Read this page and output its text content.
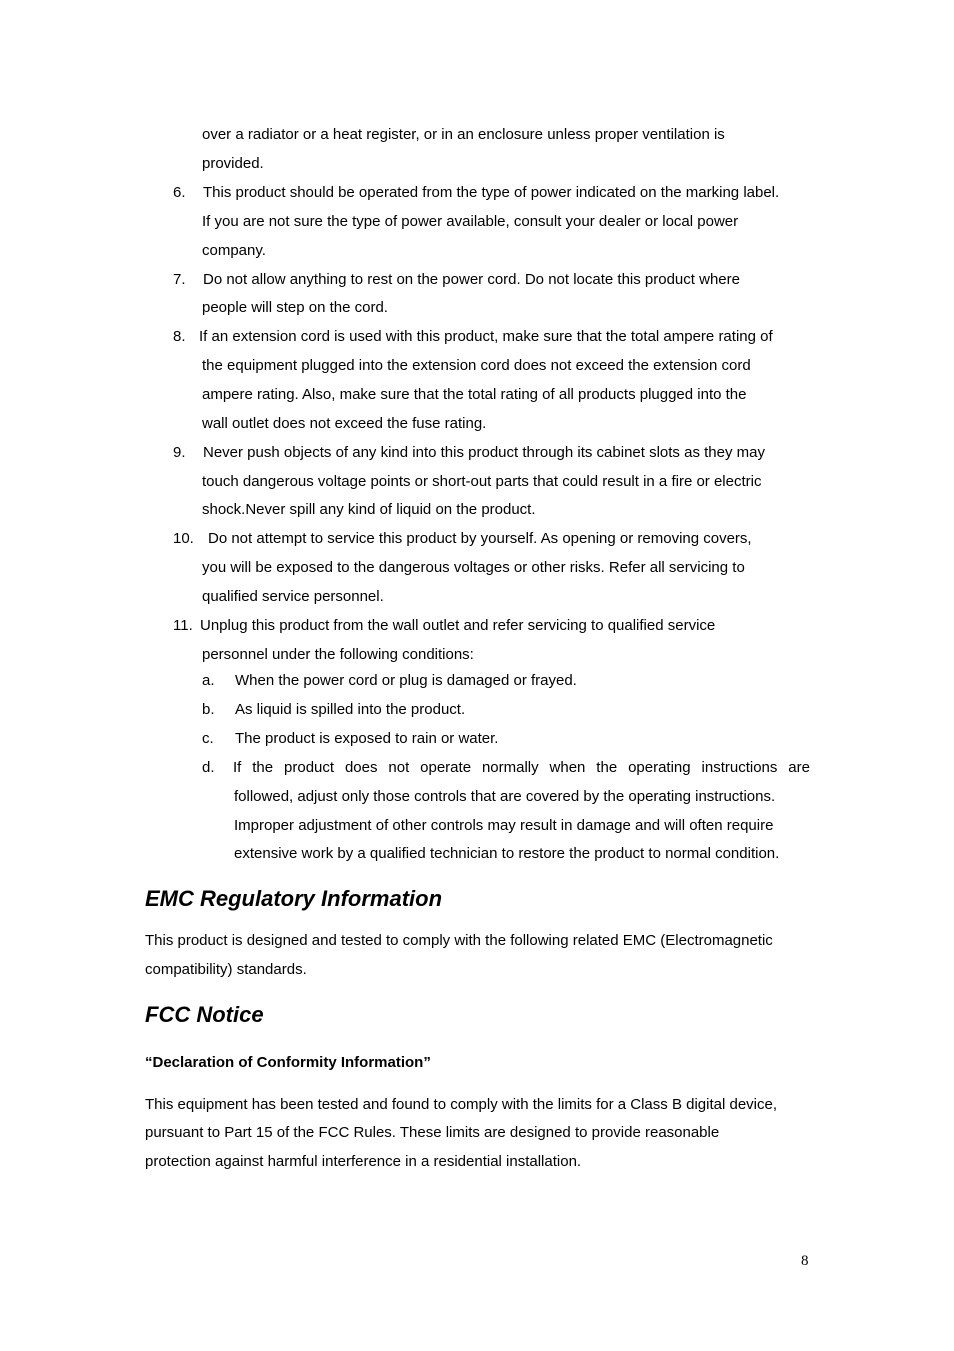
over a radiator or a heat register, or in an enclosure unless proper ventilation is
provided.
6. This product should be operated from the type of power indicated on the marking label.
If you are not sure the type of power available, consult your dealer or local power
company.
7. Do not allow anything to rest on the power cord. Do not locate this product where
people will step on the cord.
8. If an extension cord is used with this product, make sure that the total ampere rating of
the equipment plugged into the extension cord does not exceed the extension cord
ampere rating. Also, make sure that the total rating of all products plugged into the
wall outlet does not exceed the fuse rating.
9. Never push objects of any kind into this product through its cabinet slots as they may
touch dangerous voltage points or short-out parts that could result in a fire or electric
shock.Never spill any kind of liquid on the product.
10. Do not attempt to service this product by yourself. As opening or removing covers,
you will be exposed to the dangerous voltages or other risks. Refer all servicing to
qualified service personnel.
11. Unplug this product from the wall outlet and refer servicing to qualified service
personnel under the following conditions:
a. When the power cord or plug is damaged or frayed.
b. As liquid is spilled into the product.
c. The product is exposed to rain or water.
d. If the product does not operate normally when the operating instructions are
followed, adjust only those controls that are covered by the operating instructions.
Improper adjustment of other controls may result in damage and will often require
extensive work by a qualified technician to restore the product to normal condition.
EMC Regulatory Information
This product is designed and tested to comply with the following related EMC (Electromagnetic
compatibility) standards.
FCC Notice
“Declaration of Conformity Information”
This equipment has been tested and found to comply with the limits for a Class B digital device,
pursuant to Part 15 of the FCC Rules. These limits are designed to provide reasonable
protection against harmful interference in a residential installation.
8
